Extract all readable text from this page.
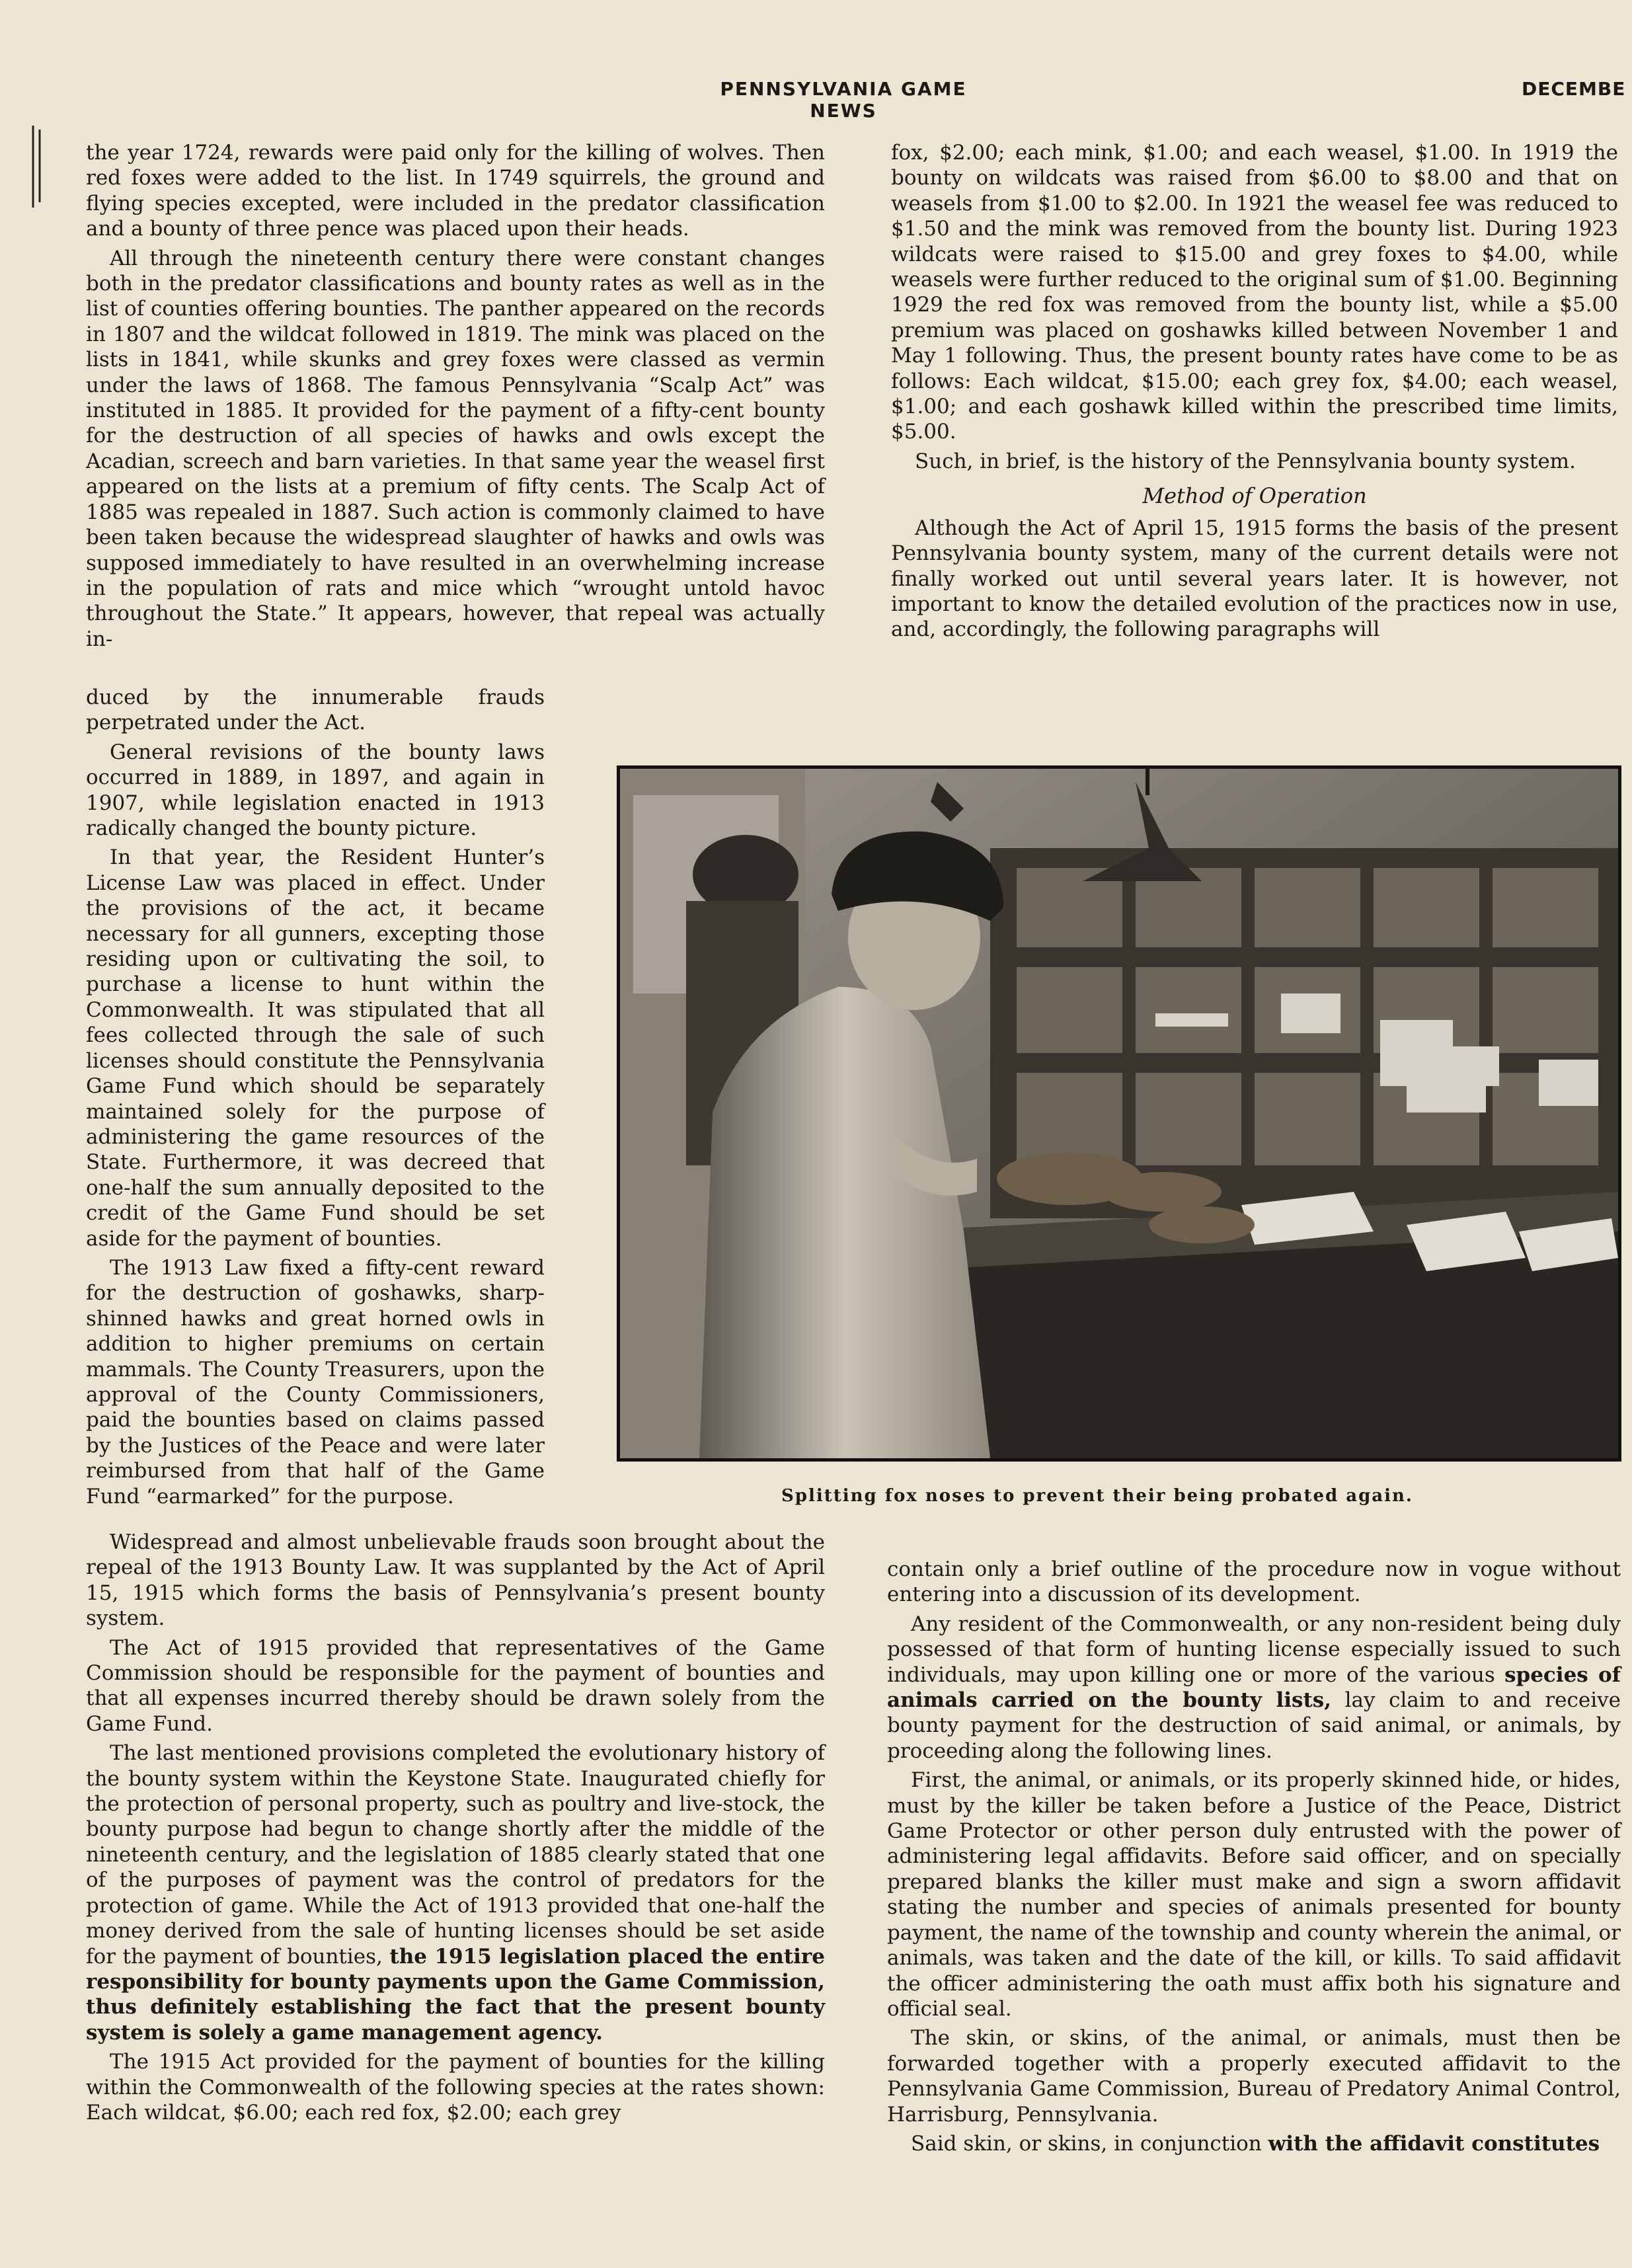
PENNSYLVANIA GAME NEWS
DECEMBE

the year 1724, rewards were paid only for the killing of wolves. Then red foxes were added to the list. In 1749 squirrels, the ground and flying species excepted, were included in the predator classification and a bounty of three pence was placed upon their heads.

All through the nineteenth century there were constant changes both in the predator classifications and bounty rates as well as in the list of counties offering bounties. The panther appeared on the records in 1807 and the wildcat followed in 1819. The mink was placed on the lists in 1841, while skunks and grey foxes were classed as vermin under the laws of 1868. The famous Pennsylvania “Scalp Act” was instituted in 1885. It provided for the payment of a fifty-cent bounty for the destruction of all species of hawks and owls except the Acadian, screech and barn varieties. In that same year the weasel first appeared on the lists at a premium of fifty cents. The Scalp Act of 1885 was repealed in 1887. Such action is commonly claimed to have been taken because the widespread slaughter of hawks and owls was supposed immediately to have resulted in an overwhelming increase in the population of rats and mice which “wrought untold havoc throughout the State.” It appears, however, that repeal was actually in-

duced by the innumerable frauds perpetrated under the Act.

General revisions of the bounty laws occurred in 1889, in 1897, and again in 1907, while legislation enacted in 1913 radically changed the bounty picture.

In that year, the Resident Hunter’s License Law was placed in effect. Under the provisions of the act, it became necessary for all gunners, excepting those residing upon or cultivating the soil, to purchase a license to hunt within the Commonwealth. It was stipulated that all fees collected through the sale of such licenses should constitute the Pennsylvania Game Fund which should be separately maintained solely for the purpose of administering the game resources of the State. Furthermore, it was decreed that one-half the sum annually deposited to the credit of the Game Fund should be set aside for the payment of bounties.

The 1913 Law fixed a fifty-cent reward for the destruction of goshawks, sharp-shinned hawks and great horned owls in addition to higher premiums on certain mammals. The County Treasurers, upon the approval of the County Commissioners, paid the bounties based on claims passed by the Justices of the Peace and were later reimbursed from that half of the Game Fund “earmarked” for the purpose.

Widespread and almost unbelievable frauds soon brought about the repeal of the 1913 Bounty Law. It was supplanted by the Act of April 15, 1915 which forms the basis of Pennsylvania’s present bounty system.

The Act of 1915 provided that representatives of the Game Commission should be responsible for the payment of bounties and that all expenses incurred thereby should be drawn solely from the Game Fund.

The last mentioned provisions completed the evolutionary history of the bounty system within the Keystone State. Inaugurated chiefly for the protection of personal property, such as poultry and live-stock, the bounty purpose had begun to change shortly after the middle of the nineteenth century, and the legislation of 1885 clearly stated that one of the purposes of payment was the control of predators for the protection of game. While the Act of 1913 provided that one-half the money derived from the sale of hunting licenses should be set aside for the payment of bounties, the 1915 legislation placed the entire responsibility for bounty payments upon the Game Commission, thus definitely establishing the fact that the present bounty system is solely a game management agency.

The 1915 Act provided for the payment of bounties for the killing within the Commonwealth of the following species at the rates shown: Each wildcat, $6.00; each red fox, $2.00; each grey

fox, $2.00; each mink, $1.00; and each weasel, $1.00. In 1919 the bounty on wildcats was raised from $6.00 to $8.00 and that on weasels from $1.00 to $2.00. In 1921 the weasel fee was reduced to $1.50 and the mink was removed from the bounty list. During 1923 wildcats were raised to $15.00 and grey foxes to $4.00, while weasels were further reduced to the original sum of $1.00. Beginning 1929 the red fox was removed from the bounty list, while a $5.00 premium was placed on goshawks killed between November 1 and May 1 following. Thus, the present bounty rates have come to be as follows: Each wildcat, $15.00; each grey fox, $4.00; each weasel, $1.00; and each goshawk killed within the prescribed time limits, $5.00.

Such, in brief, is the history of the Pennsylvania bounty system.

Method of Operation

Although the Act of April 15, 1915 forms the basis of the present Pennsylvania bounty system, many of the current details were not finally worked out until several years later. It is however, not important to know the detailed evolution of the practices now in use, and, accordingly, the following paragraphs will

Splitting fox noses to prevent their being probated again.

contain only a brief outline of the procedure now in vogue without entering into a discussion of its development.

Any resident of the Commonwealth, or any non-resident being duly possessed of that form of hunting license especially issued to such individuals, may upon killing one or more of the various species of animals carried on the bounty lists, lay claim to and receive bounty payment for the destruction of said animal, or animals, by proceeding along the following lines.

First, the animal, or animals, or its properly skinned hide, or hides, must by the killer be taken before a Justice of the Peace, District Game Protector or other person duly entrusted with the power of administering legal affidavits. Before said officer, and on specially prepared blanks the killer must make and sign a sworn affidavit stating the number and species of animals presented for bounty payment, the name of the township and county wherein the animal, or animals, was taken and the date of the kill, or kills. To said affidavit the officer administering the oath must affix both his signature and official seal.

The skin, or skins, of the animal, or animals, must then be forwarded together with a properly executed affidavit to the Pennsylvania Game Commission, Bureau of Predatory Animal Control, Harrisburg, Pennsylvania.

Said skin, or skins, in conjunction with the affidavit constitutes
